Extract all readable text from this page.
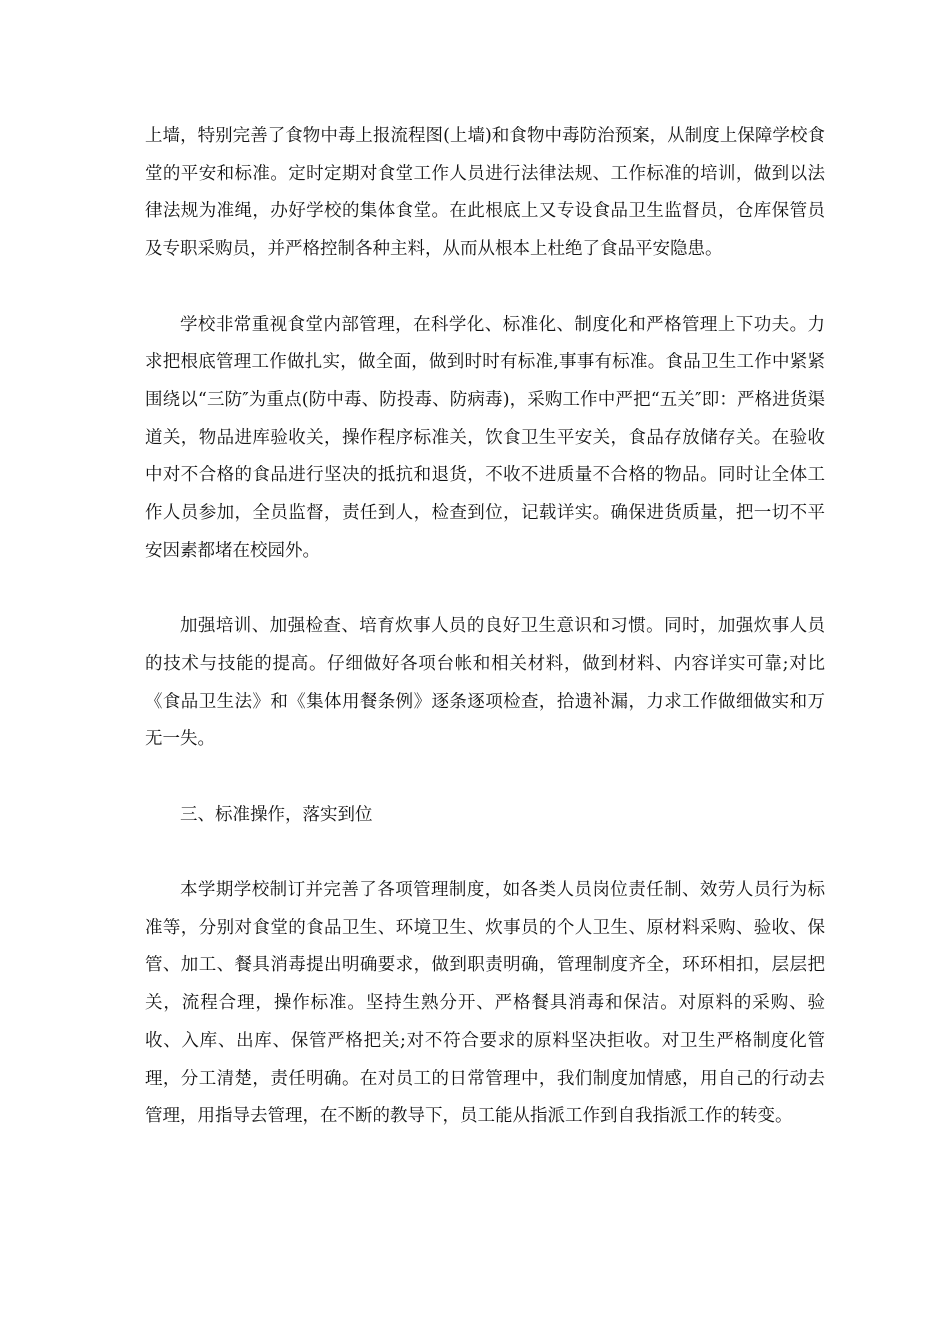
上墙，特别完善了食物中毒上报流程图(上墙)和食物中毒防治预案，从制度上保障学校食堂的平安和标准。定时定期对食堂工作人员进行法律法规、工作标准的培训，做到以法律法规为准绳，办好学校的集体食堂。在此根底上又专设食品卫生监督员，仓库保管员及专职采购员，并严格控制各种主料，从而从根本上杜绝了食品平安隐患。

学校非常重视食堂内部管理，在科学化、标准化、制度化和严格管理上下功夫。力求把根底管理工作做扎实，做全面，做到时时有标准,事事有标准。食品卫生工作中紧紧围绕以“三防″为重点(防中毒、防投毒、防病毒)，采购工作中严把“五关″即：严格进货渠道关，物品进库验收关，操作程序标准关，饮食卫生平安关，食品存放储存关。在验收中对不合格的食品进行坚决的抵抗和退货，不收不进质量不合格的物品。同时让全体工作人员参加，全员监督，责任到人，检查到位，记载详实。确保进货质量，把一切不平安因素都堵在校园外。

加强培训、加强检查、培育炊事人员的良好卫生意识和习惯。同时，加强炊事人员的技术与技能的提高。仔细做好各项台帐和相关材料，做到材料、内容详实可靠;对比《食品卫生法》和《集体用餐条例》逐条逐项检查，拾遗补漏，力求工作做细做实和万无一失。

三、标准操作，落实到位

本学期学校制订并完善了各项管理制度，如各类人员岗位责任制、效劳人员行为标准等，分别对食堂的食品卫生、环境卫生、炊事员的个人卫生、原材料采购、验收、保管、加工、餐具消毒提出明确要求，做到职责明确，管理制度齐全，环环相扣，层层把关，流程合理，操作标准。坚持生熟分开、严格餐具消毒和保洁。对原料的采购、验收、入库、出库、保管严格把关;对不符合要求的原料坚决拒收。对卫生严格制度化管理，分工清楚，责任明确。在对员工的日常管理中，我们制度加情感，用自己的行动去管理，用指导去管理，在不断的教导下，员工能从指派工作到自我指派工作的转变。
